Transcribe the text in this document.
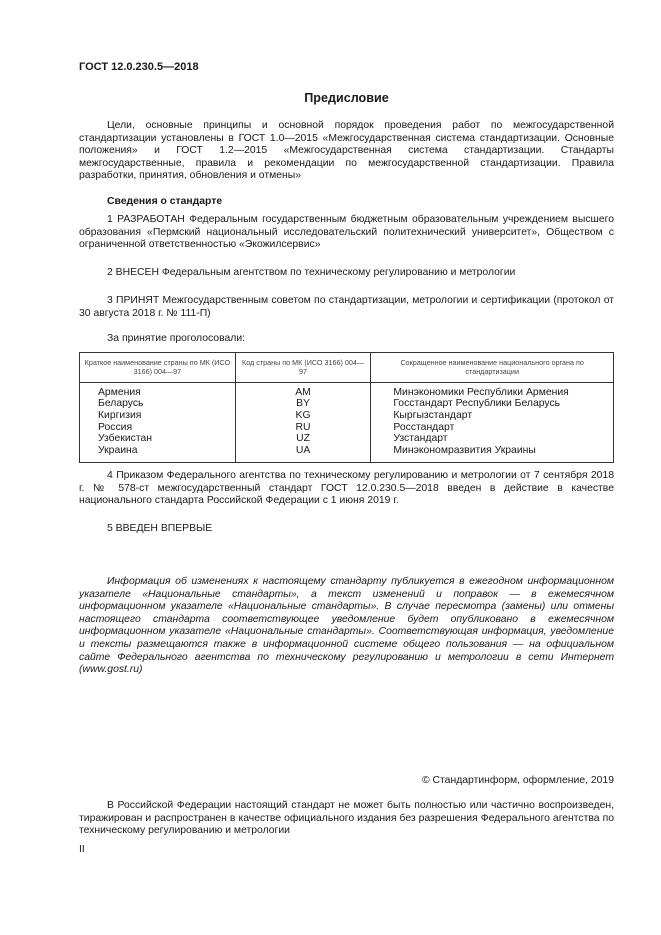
ГОСТ 12.0.230.5—2018
Предисловие

Цели, основные принципы и основной порядок проведения работ по межгосударственной стандартизации установлены в ГОСТ 1.0—2015 «Межгосударственная система стандартизации. Основные положения» и ГОСТ 1.2—2015 «Межгосударственная система стандартизации. Стандарты межгосударственные, правила и рекомендации по межгосударственной стандартизации. Правила разработки, принятия, обновления и отмены»

Сведения о стандарте

1 РАЗРАБОТАН Федеральным государственным бюджетным образовательным учреждением высшего образования «Пермский национальный исследовательский политехнический университет», Обществом с ограниченной ответственностью «Экожилсервис»

2 ВНЕСЕН Федеральным агентством по техническому регулированию и метрологии

3 ПРИНЯТ Межгосударственным советом по стандартизации, метрологии и сертификации (протокол от 30 августа 2018 г. № 111-П)

За принятие проголосовали:
Краткое наименование страны по МК (ИСО 3166) 004—97	Код страны по МК (ИСО 3166) 004—97	Сокращенное наименование национального органа по стандартизации
Армения	AM	Минэкономики Республики Армения
Беларусь	BY	Госстандарт Республики Беларусь
Киргизия	KG	Кыргызстандарт
Россия	RU	Росстандарт
Узбекистан	UZ	Узстандарт
Украина	UA	Минэкономразвития Украины

4 Приказом Федерального агентства по техническому регулированию и метрологии от 7 сентября 2018 г. № 578-ст межгосударственный стандарт ГОСТ 12.0.230.5—2018 введен в действие в качестве национального стандарта Российской Федерации с 1 июня 2019 г.

5 ВВЕДЕН ВПЕРВЫЕ

Информация об изменениях к настоящему стандарту публикуется в ежегодном информационном указателе «Национальные стандарты», а текст изменений и поправок — в ежемесячном информационном указателе «Национальные стандарты». В случае пересмотра (замены) или отмены настоящего стандарта соответствующее уведомление будет опубликовано в ежемесячном информационном указателе «Национальные стандарты». Соответствующая информация, уведомление и тексты размещаются также в информационной системе общего пользования — на официальном сайте Федерального агентства по техническому регулированию и метрологии в сети Интернет (www.gost.ru)

© Стандартинформ, оформление, 2019

В Российской Федерации настоящий стандарт не может быть полностью или частично воспроизведен, тиражирован и распространен в качестве официального издания без разрешения Федерального агентства по техническому регулированию и метрологии

II
